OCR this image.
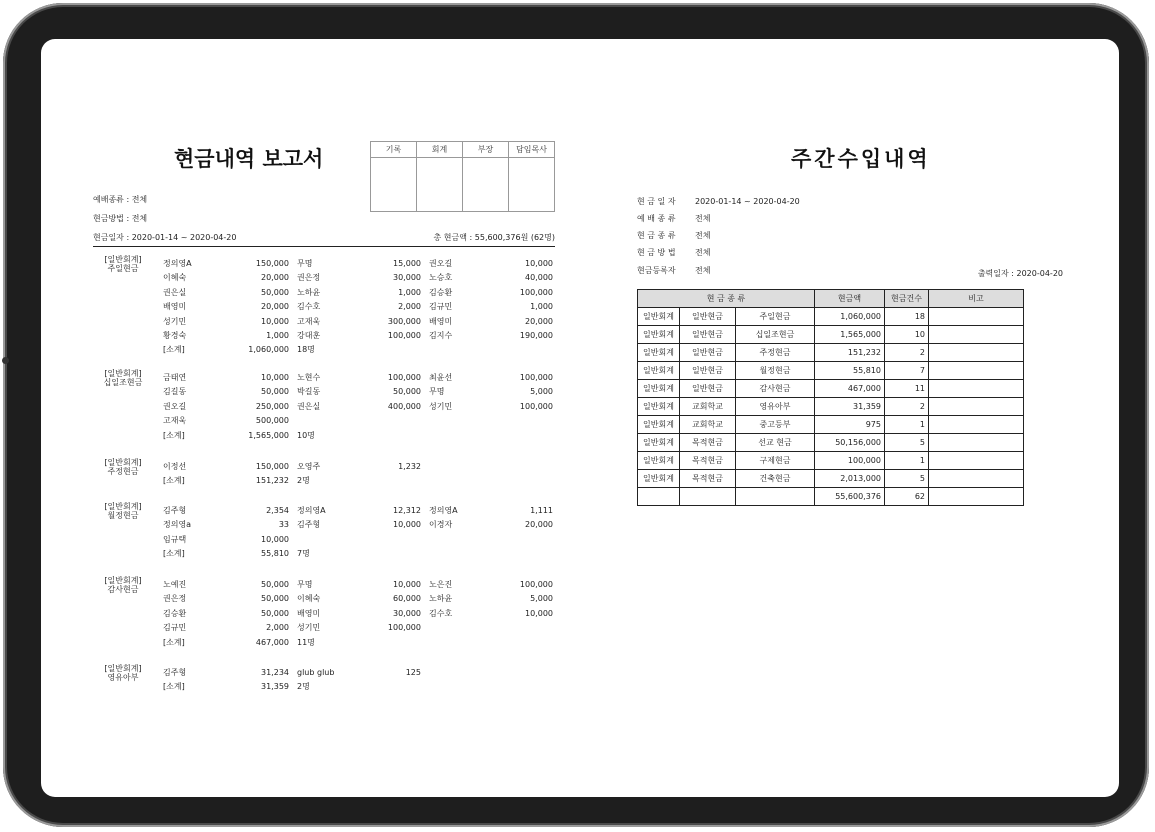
현금내역 보고서	기록	회계	부장	담임목사

예배종류 : 전체
현금방법 : 전체
현금일자 : 2020-01-14 ~ 2020-04-20	총 현금액 : 55,600,376원 (62명)
[일반회계]
주일현금
정의영A	150,000 무명	15,000 권오길	10,000
이혜숙	20,000 권은정	30,000 노승호	40,000
권은실	50,000 노하윤	1,000 김승환	100,000
배영미	20,000 김수호	2,000 김규민	1,000
성기민	10,000 고재욱	300,000 배영미	20,000
황경숙	1,000 강대훈	100,000 김지수	190,000
[소계]	1,060,000 18명
[일반회계]
십일조현금
금태연	10,000 노현수	100,000 최윤선	100,000
김길동	50,000 박길동	50,000 무명	5,000
권오길	250,000 권은실	400,000 성기민	100,000
고재욱	500,000
[소계]	1,565,000 10명
[일반회계]
주정현금
이정선	150,000 오영주	1,232
[소계]	151,232 2명
[일반회계]
월정현금
김주형	2,354 정의영A	12,312 정의영A	1,111
정의영a	33 김주형	10,000 이경자	20,000
임규택	10,000
[소계]	55,810 7명
[일반회계]
감사현금
노예진	50,000 무명	10,000 노은진	100,000
권은정	50,000 이혜숙	60,000 노하윤	5,000
김승환	50,000 배영미	30,000 김수호	10,000
김규민	2,000 성기민	100,000
[소계]	467,000 11명
[일반회계]
영유아부
김주형	31,234 glub glub	125
[소계]	31,359 2명
주간수입내역
현 금 일 자 2020-01-14 ~ 2020-04-20
예 배 종 류 전체
현 금 종 류 전체
현 금 방 법 전체
현금등록자 전체	출력일자 : 2020-04-20
현 금 종 류			현금액	현금건수	비고
일반회계	일반현금	주일현금	1,060,000	18	
일반회계	일반현금	십일조현금	1,565,000	10	
일반회계	일반현금	주정현금	151,232	2	
일반회계	일반현금	월정현금	55,810	7	
일반회계	일반현금	감사현금	467,000	11	
일반회계	교회학교	영유아부	31,359	2	
일반회계	교회학교	중고등부	975	1	
일반회계	목적현금	선교 현금	50,156,000	5	
일반회계	목적현금	구제현금	100,000	1	
일반회계	목적현금	건축현금	2,013,000	5	
			55,600,376	62	
